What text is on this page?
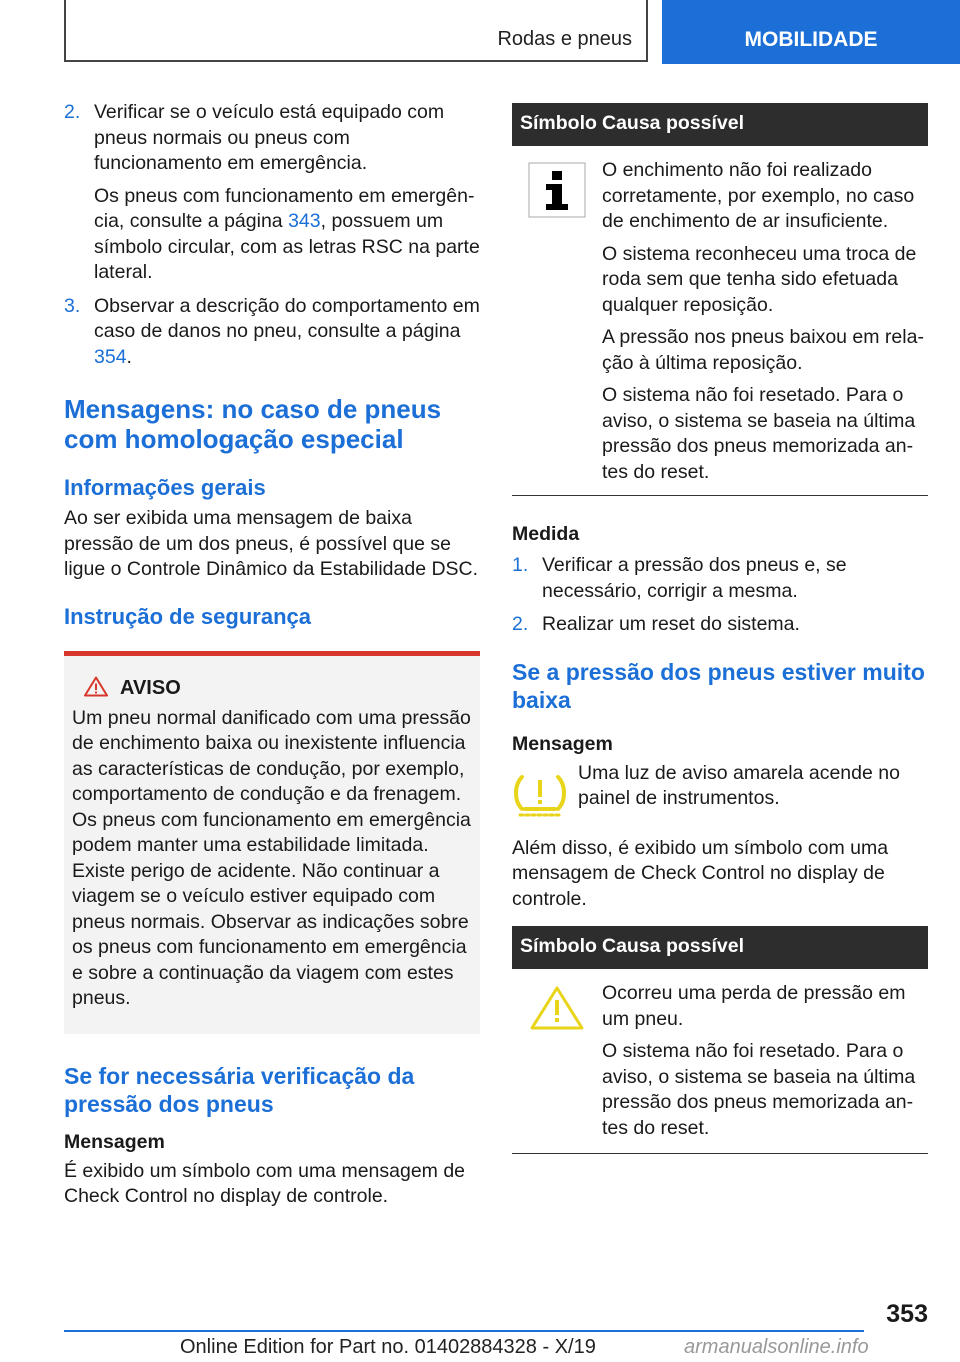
Rodas e pneus	MOBILIDADE
2. Verificar se o veículo está equipado com pneus normais ou pneus com funcionamento em emergência.

Os pneus com funcionamento em emergência, consulte a página 343, possuem um símbolo circular, com as letras RSC na parte lateral.

3. Observar a descrição do comportamento em caso de danos no pneu, consulte a página 354.

Mensagens: no caso de pneus com homologação especial
Informações gerais

Ao ser exibida uma mensagem de baixa pressão de um dos pneus, é possível que se ligue o Controle Dinâmico da Estabilidade DSC.

Instrução de segurança
AVISO

Um pneu normal danificado com uma pressão de enchimento baixa ou inexistente influencia as características de condução, por exemplo, comportamento de condução e da frenagem. Os pneus com funcionamento em emergência podem manter uma estabilidade limitada. Existe perigo de acidente. Não continuar a viagem se o veículo estiver equipado com pneus normais. Observar as indicações sobre os pneus com funcionamento em emergência e sobre a continuação da viagem com estes pneus.

Se for necessária verificação da pressão dos pneus
Mensagem

É exibido um símbolo com uma mensagem de Check Control no display de controle.

Símbolo Causa possível

O enchimento não foi realizado corretamente, por exemplo, no caso de enchimento de ar insuficiente.

O sistema reconheceu uma troca de roda sem que tenha sido efetuada qualquer reposição.

A pressão nos pneus baixou em relação à última reposição.

O sistema não foi resetado. Para o aviso, o sistema se baseia na última pressão dos pneus memorizada antes do reset.

Medida
1. Verificar a pressão dos pneus e, se necessário, corrigir a mesma.

2. Realizar um reset do sistema.

Se a pressão dos pneus estiver muito baixa
Mensagem

Uma luz de aviso amarela acende no painel de instrumentos.

Além disso, é exibido um símbolo com uma mensagem de Check Control no display de controle.

Símbolo Causa possível

Ocorreu uma perda de pressão em um pneu.

O sistema não foi resetado. Para o aviso, o sistema se baseia na última pressão dos pneus memorizada antes do reset.

353
Online Edition for Part no. 01402884328 - X/19	armanualsonline.info
